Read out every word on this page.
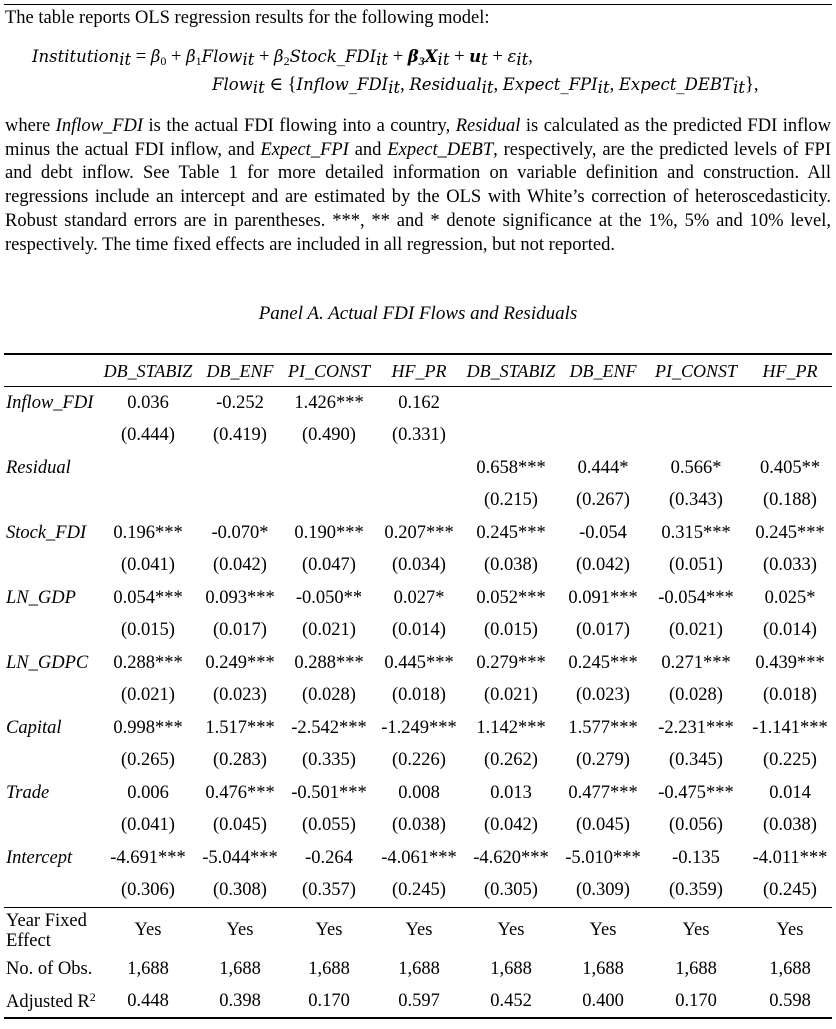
The table reports OLS regression results for the following model:
Institution$_{it}$ = $\beta_0$ + $\beta_1Flow_{it}$ + $\beta_2Stock\_FDI_{it} + \beta_3X_{it} + u_t + \varepsilon_{it}$,
Flow$_{it}$ ∈ {$Inflow\_FDI_{it}$, Residual$_{it}$, $Expect\_FPI_{it}$, $Expect\_DEBT_{it}$},

where Inflow_FDI is the actual FDI flowing into a country, Residual is calculated as the predicted FDI inflow minus the actual FDI inflow, and Expect_FPI and Expect_DEBT, respectively, are the predicted levels of FPI and debt inflow. See Table 1 for more detailed information on variable definition and construction. All regressions include an intercept and are estimated by the OLS with White’s correction of heteroscedasticity. Robust standard errors are in parentheses. ***, ** and * denote significance at the 1%, 5% and 10% level, respectively. The time fixed effects are included in all regression, but not reported.

Panel A. Actual FDI Flows and Residuals
	DB_STABIZ	DB_ENF	PI_CONST	HF_PR	DB_STABIZ	DB_ENF	PI_CONST	HF_PR
Inflow_FDI	0.036	-0.252	1.426***	0.162				
	(0.444)	(0.419)	(0.490)	(0.331)				
Residual					0.658***	0.444*	0.566*	0.405**
					(0.215)	(0.267)	(0.343)	(0.188)
Stock_FDI	0.196***	-0.070*	0.190***	0.207***	0.245***	-0.054	0.315***	0.245***
	(0.041)	(0.042)	(0.047)	(0.034)	(0.038)	(0.042)	(0.051)	(0.033)
LN_GDP	0.054***	0.093***	-0.050**	0.027*	0.052***	0.091***	-0.054***	0.025*
	(0.015)	(0.017)	(0.021)	(0.014)	(0.015)	(0.017)	(0.021)	(0.014)
LN_GDPC	0.288***	0.249***	0.288***	0.445***	0.279***	0.245***	0.271***	0.439***
	(0.021)	(0.023)	(0.028)	(0.018)	(0.021)	(0.023)	(0.028)	(0.018)
Capital	0.998***	1.517***	-2.542***	-1.249***	1.142***	1.577***	-2.231***	-1.141***
	(0.265)	(0.283)	(0.335)	(0.226)	(0.262)	(0.279)	(0.345)	(0.225)
Trade	0.006	0.476***	-0.501***	0.008	0.013	0.477***	-0.475***	0.014
	(0.041)	(0.045)	(0.055)	(0.038)	(0.042)	(0.045)	(0.056)	(0.038)
Intercept	-4.691***	-5.044***	-0.264	-4.061***	-4.620***	-5.010***	-0.135	-4.011***
	(0.306)	(0.308)	(0.357)	(0.245)	(0.305)	(0.309)	(0.359)	(0.245)
Year Fixed Effect	Yes	Yes	Yes	Yes	Yes	Yes	Yes	Yes
No. of Obs.	1,688	1,688	1,688	1,688	1,688	1,688	1,688	1,688
Adjusted $R^2$	0.448	0.398	0.170	0.597	0.452	0.400	0.170	0.598
